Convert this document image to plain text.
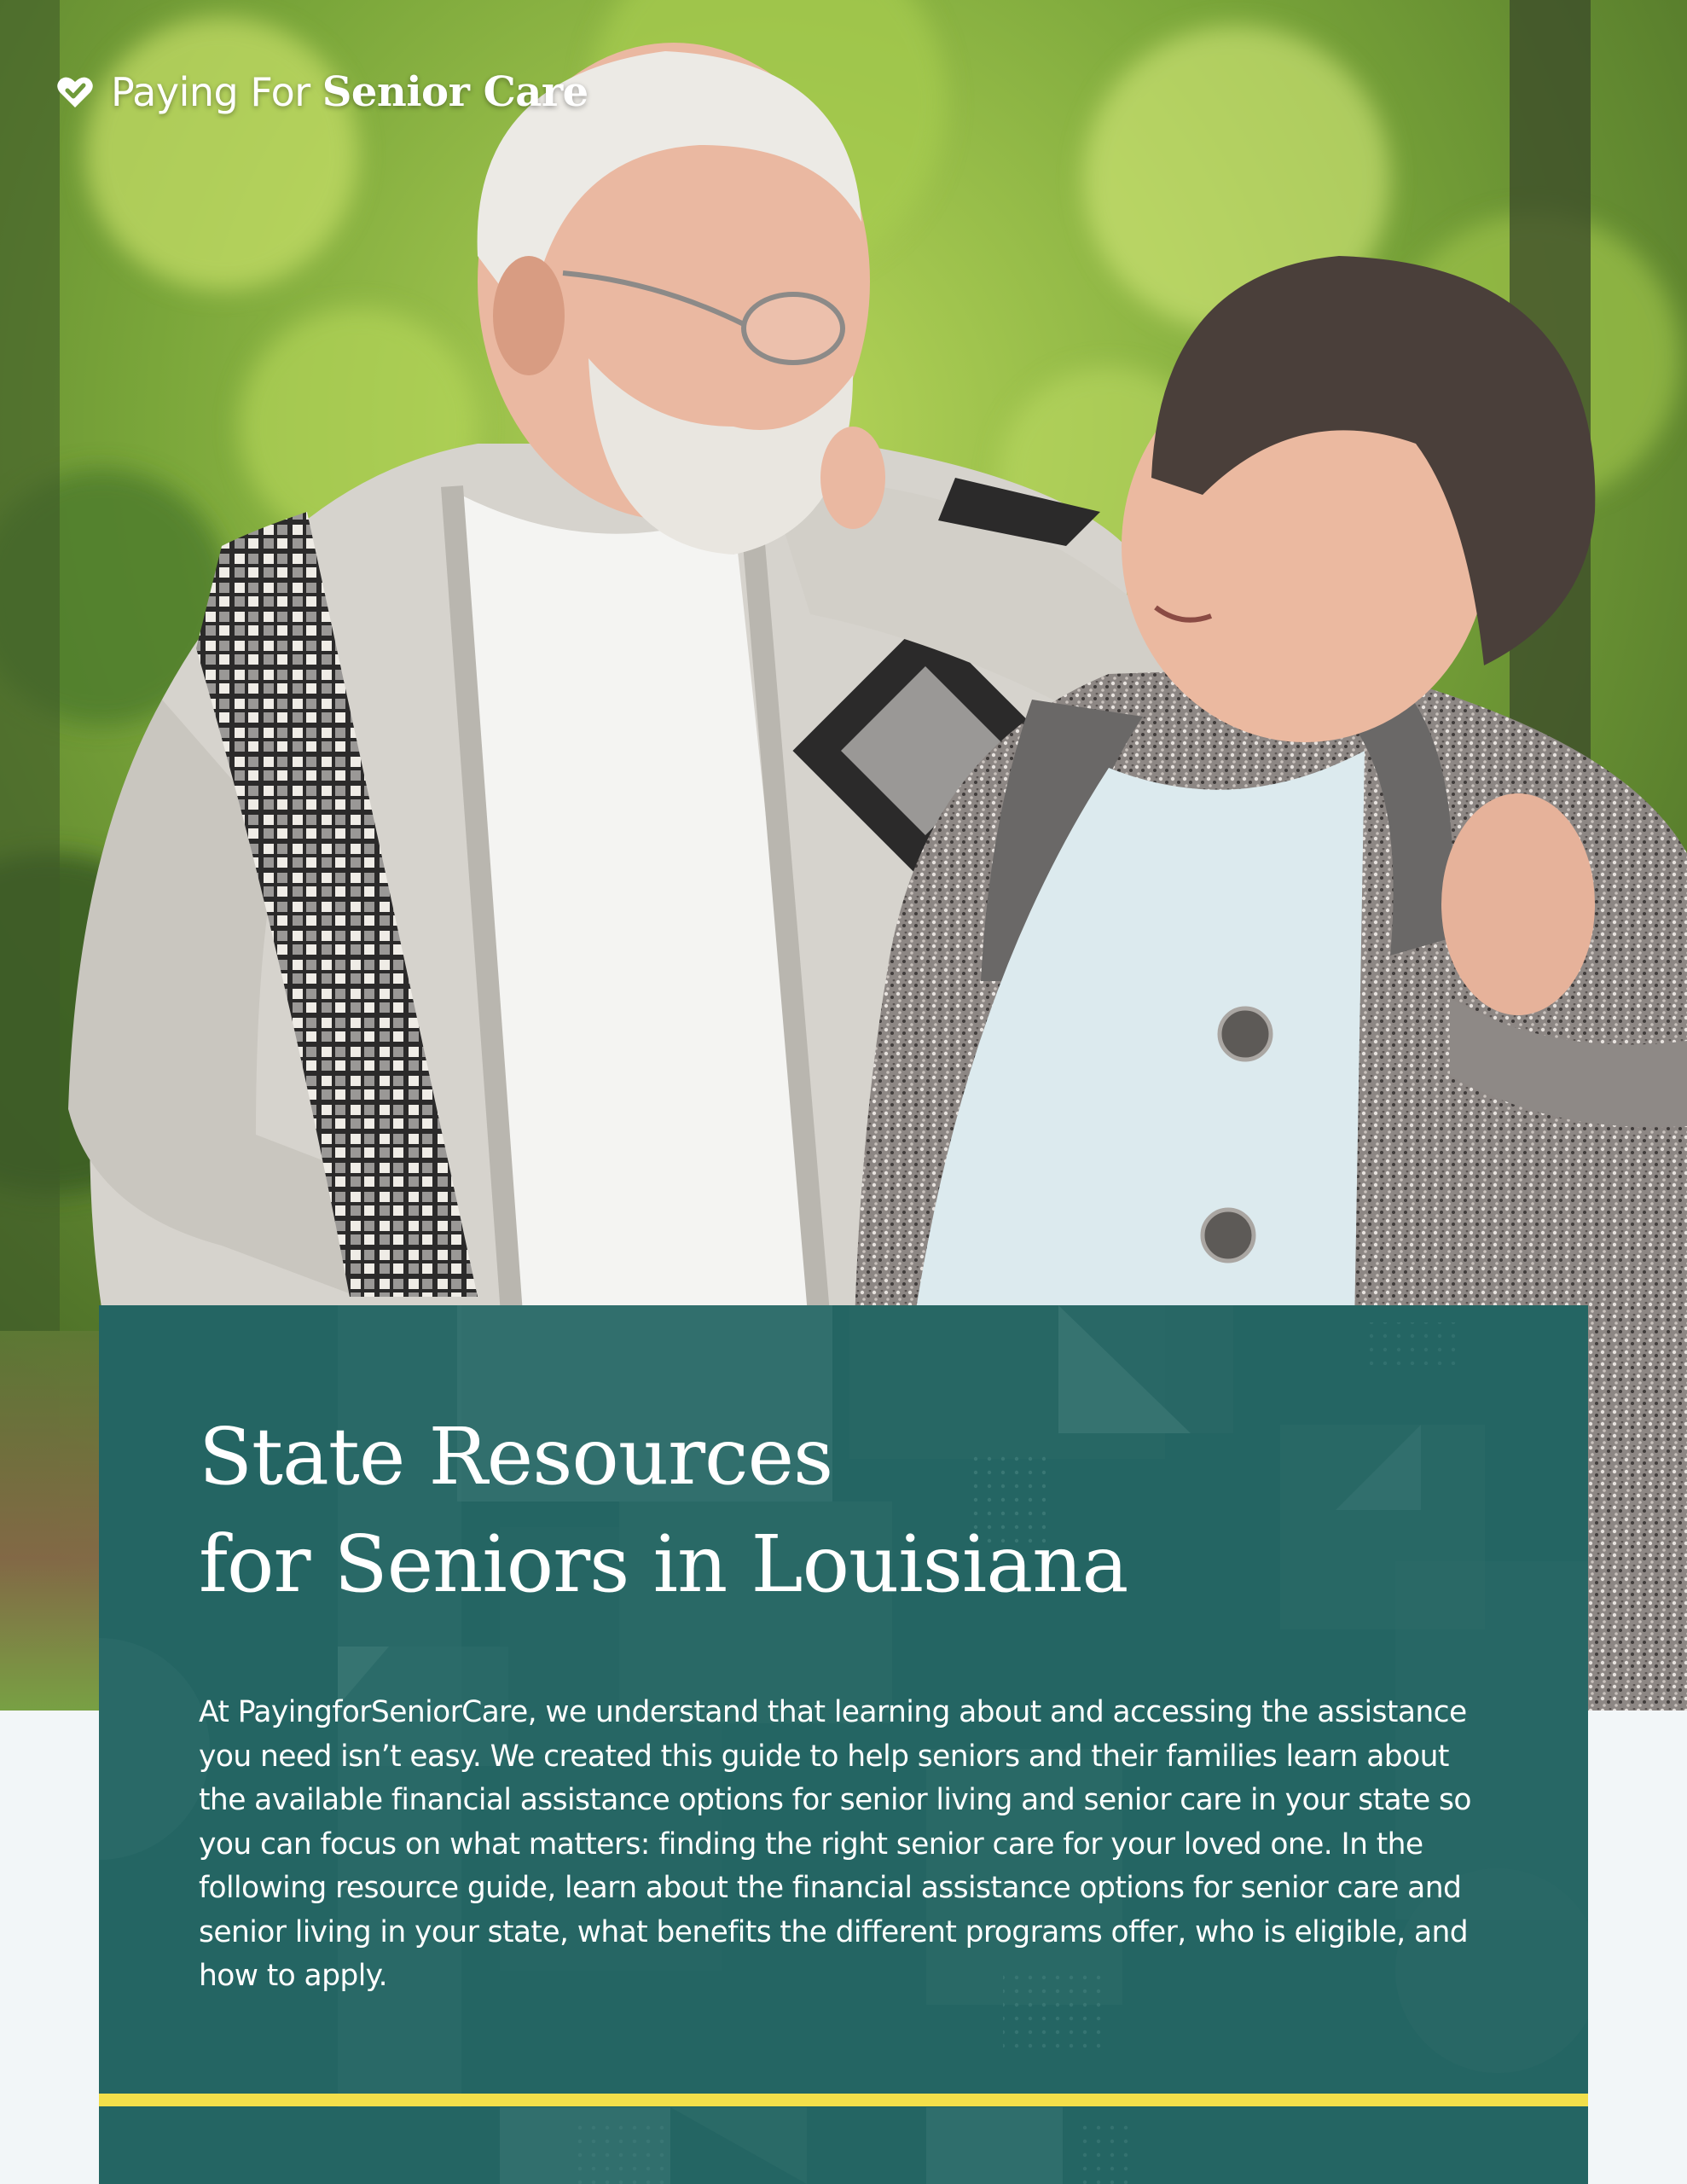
Paying For Senior Care
State Resources
for Seniors in Louisiana

At PayingforSeniorCare, we understand that learning about and accessing the assistance you need isn’t easy. We created this guide to help seniors and their families learn about the available financial assistance options for senior living and senior care in your state so you can focus on what matters: finding the right senior care for your loved one. In the following resource guide, learn about the financial assistance options for senior care and senior living in your state, what benefits the different programs offer, who is eligible, and how to apply.
